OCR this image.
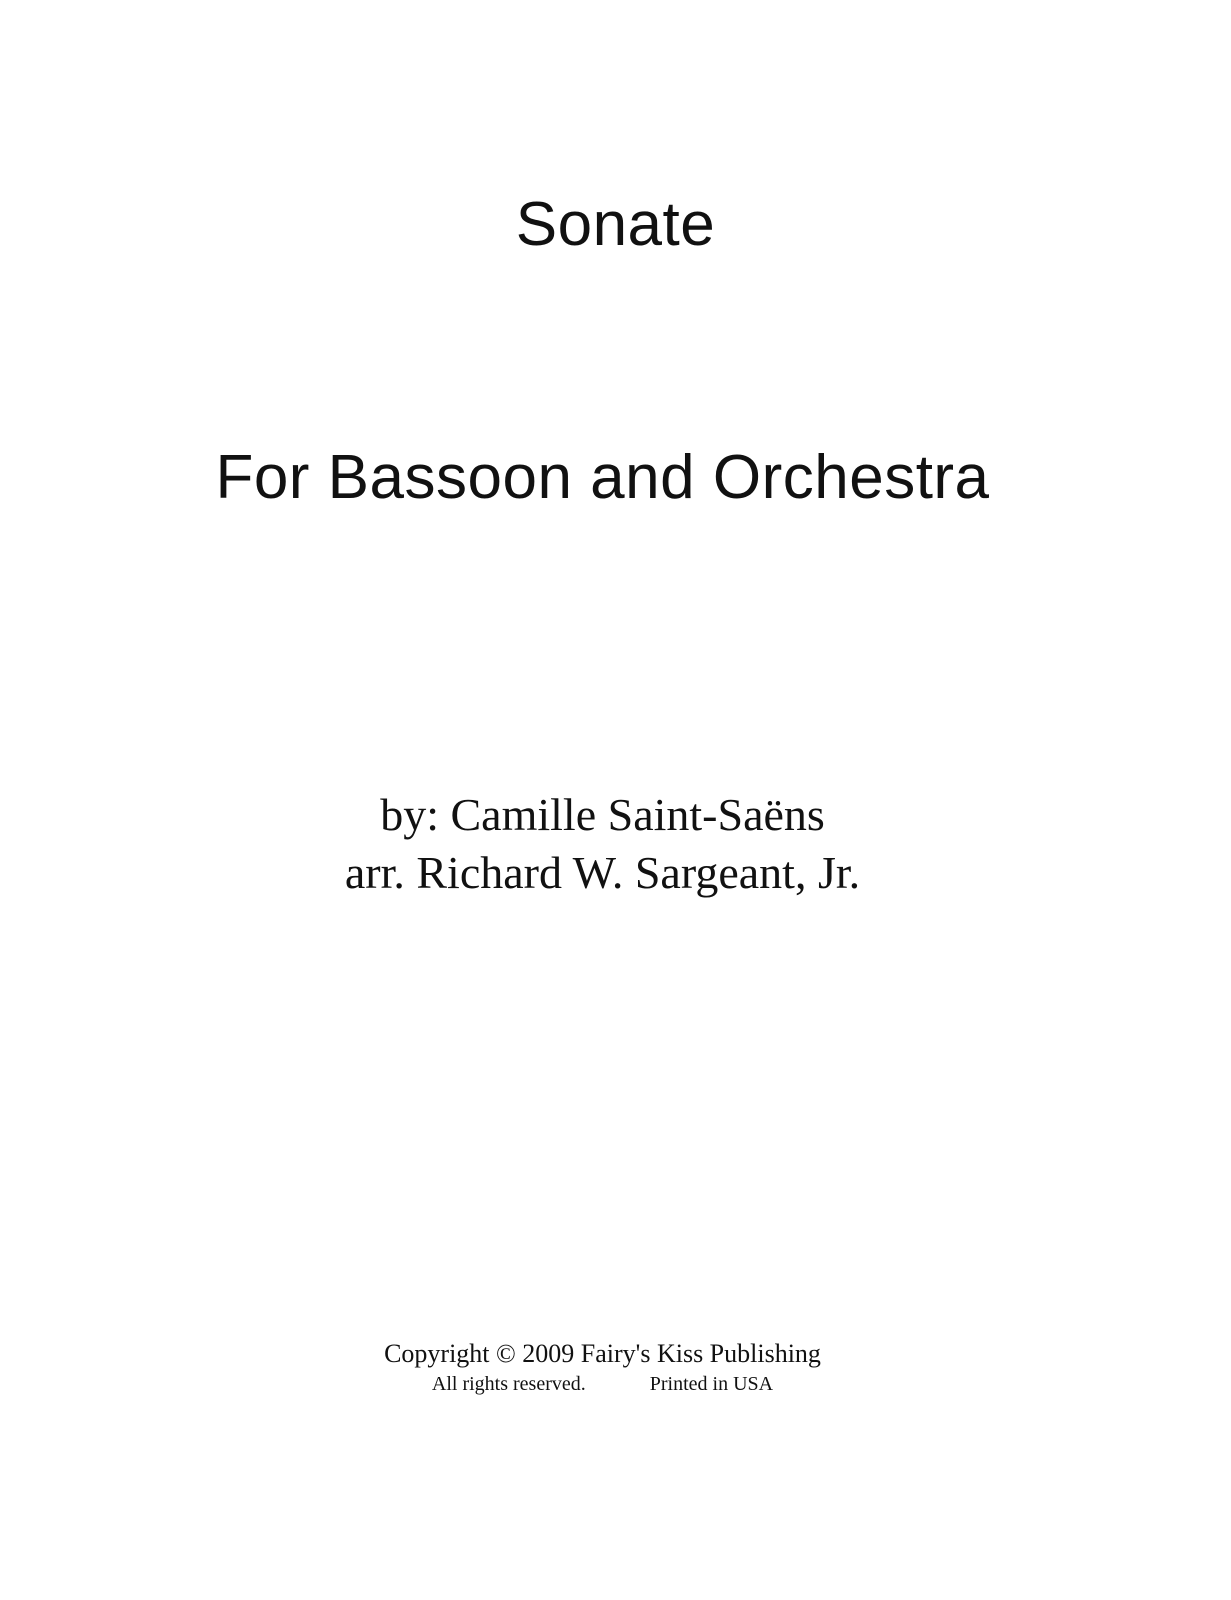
Sonate
For Bassoon and Orchestra
by: Camille Saint-Saëns
arr. Richard W. Sargeant, Jr.
Copyright © 2009 Fairy's Kiss Publishing
All rights reserved.	Printed in USA
